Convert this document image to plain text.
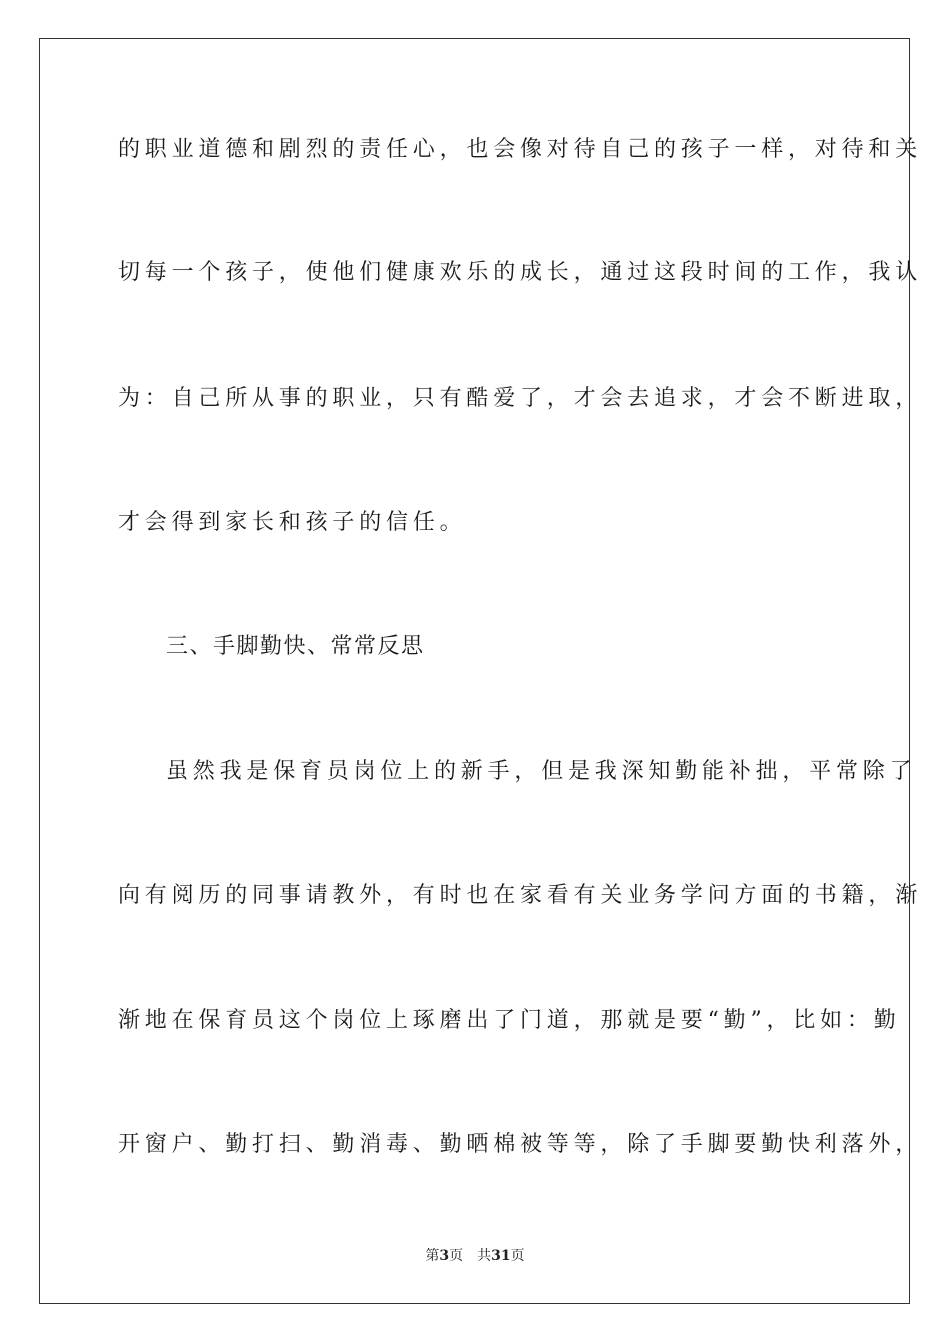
的职业道德和剧烈的责任心，也会像对待自己的孩子一样，对待和关
切每一个孩子，使他们健康欢乐的成长，通过这段时间的工作，我认
为：自己所从事的职业，只有酷爱了，才会去追求，才会不断进取，
才会得到家长和孩子的信任。
三、手脚勤快、常常反思
虽然我是保育员岗位上的新手，但是我深知勤能补拙，平常除了
向有阅历的同事请教外，有时也在家看有关业务学问方面的书籍，渐
渐地在保育员这个岗位上琢磨出了门道，那就是要“勤”，比如：勤
开窗户、勤打扫、勤消毒、勤晒棉被等等，除了手脚要勤快利落外，
第3页 共31页
